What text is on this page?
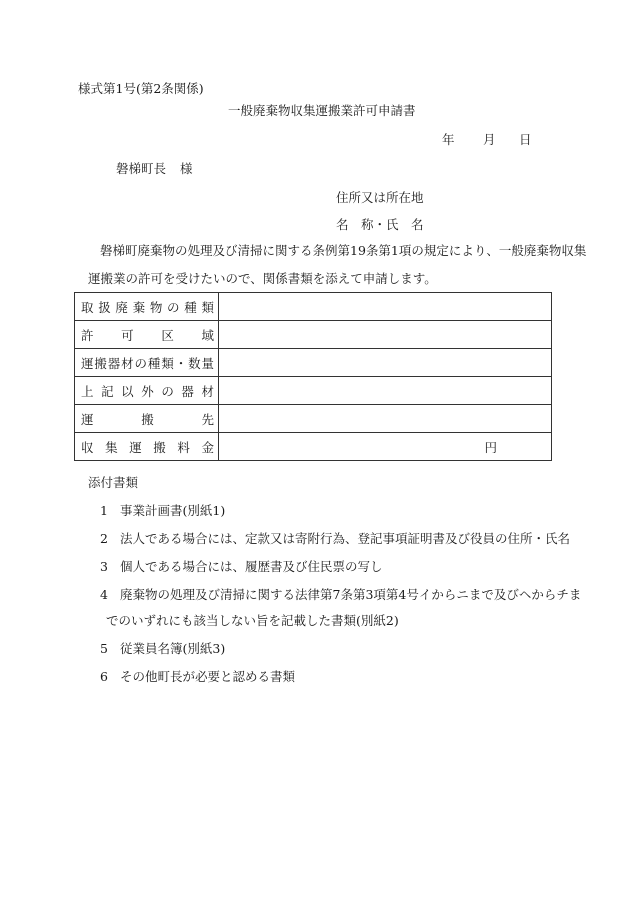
様式第1号(第2条関係)
一般廃棄物収集運搬業許可申請書
年 月 日
磐梯町長 様
住所又は所在地
名　称・氏　名
磐梯町廃棄物の処理及び清掃に関する条例第19条第1項の規定により、一般廃棄物収集
運搬業の許可を受けたいので、関係書類を添えて申請します。
取扱廃棄物の種類	

許可区域	

運搬器材の種類・数量	

上記以外の器材	

運搬先	

収集運搬料金	円
添付書類
1 事業計画書(別紙1)
2 法人である場合には、定款又は寄附行為、登記事項証明書及び役員の住所・氏名
3 個人である場合には、履歴書及び住民票の写し
4 廃棄物の処理及び清掃に関する法律第7条第3項第4号イからニまで及びヘからチま
でのいずれにも該当しない旨を記載した書類(別紙2)
5 従業員名簿(別紙3)
6 その他町長が必要と認める書類
